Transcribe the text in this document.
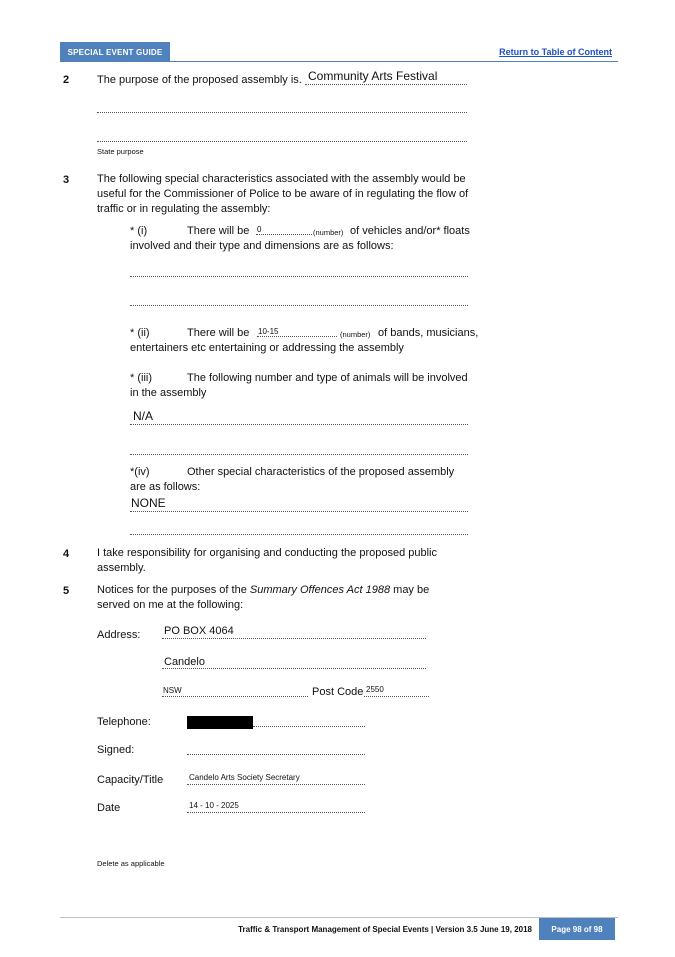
SPECIAL EVENT GUIDE	Return to Table of Content
2	The purpose of the proposed assembly is. Community Arts Festival
State purpose
3	The following special characteristics associated with the assembly would be
useful for the Commissioner of Police to be aware of in regulating the flow of
traffic or in regulating the assembly:
* (i)	There will be 0	(number) of vehicles and/or* floats
involved and their type and dimensions are as follows:
* (ii)	There will be 10-15	(number) of bands, musicians,
entertainers etc entertaining or addressing the assembly
* (iii)	The following number and type of animals will be involved
in the assembly
N/A
*(iv)	Other special characteristics of the proposed assembly
are as follows:
NONE
4	I take responsibility for organising and conducting the proposed public
assembly.
5	Notices for the purposes of the Summary Offences Act 1988 may be
served on me at the following:
Address: PO BOX 4064
Candelo
NSW	Post Code 2550
Telephone:
Signed:
Capacity/Title	Candelo Arts Society Secretary
Date	14 - 10 - 2025
Delete as applicable
Traffic & Transport Management of Special Events | Version 3.5 June 19, 2018	Page 98 of 98
